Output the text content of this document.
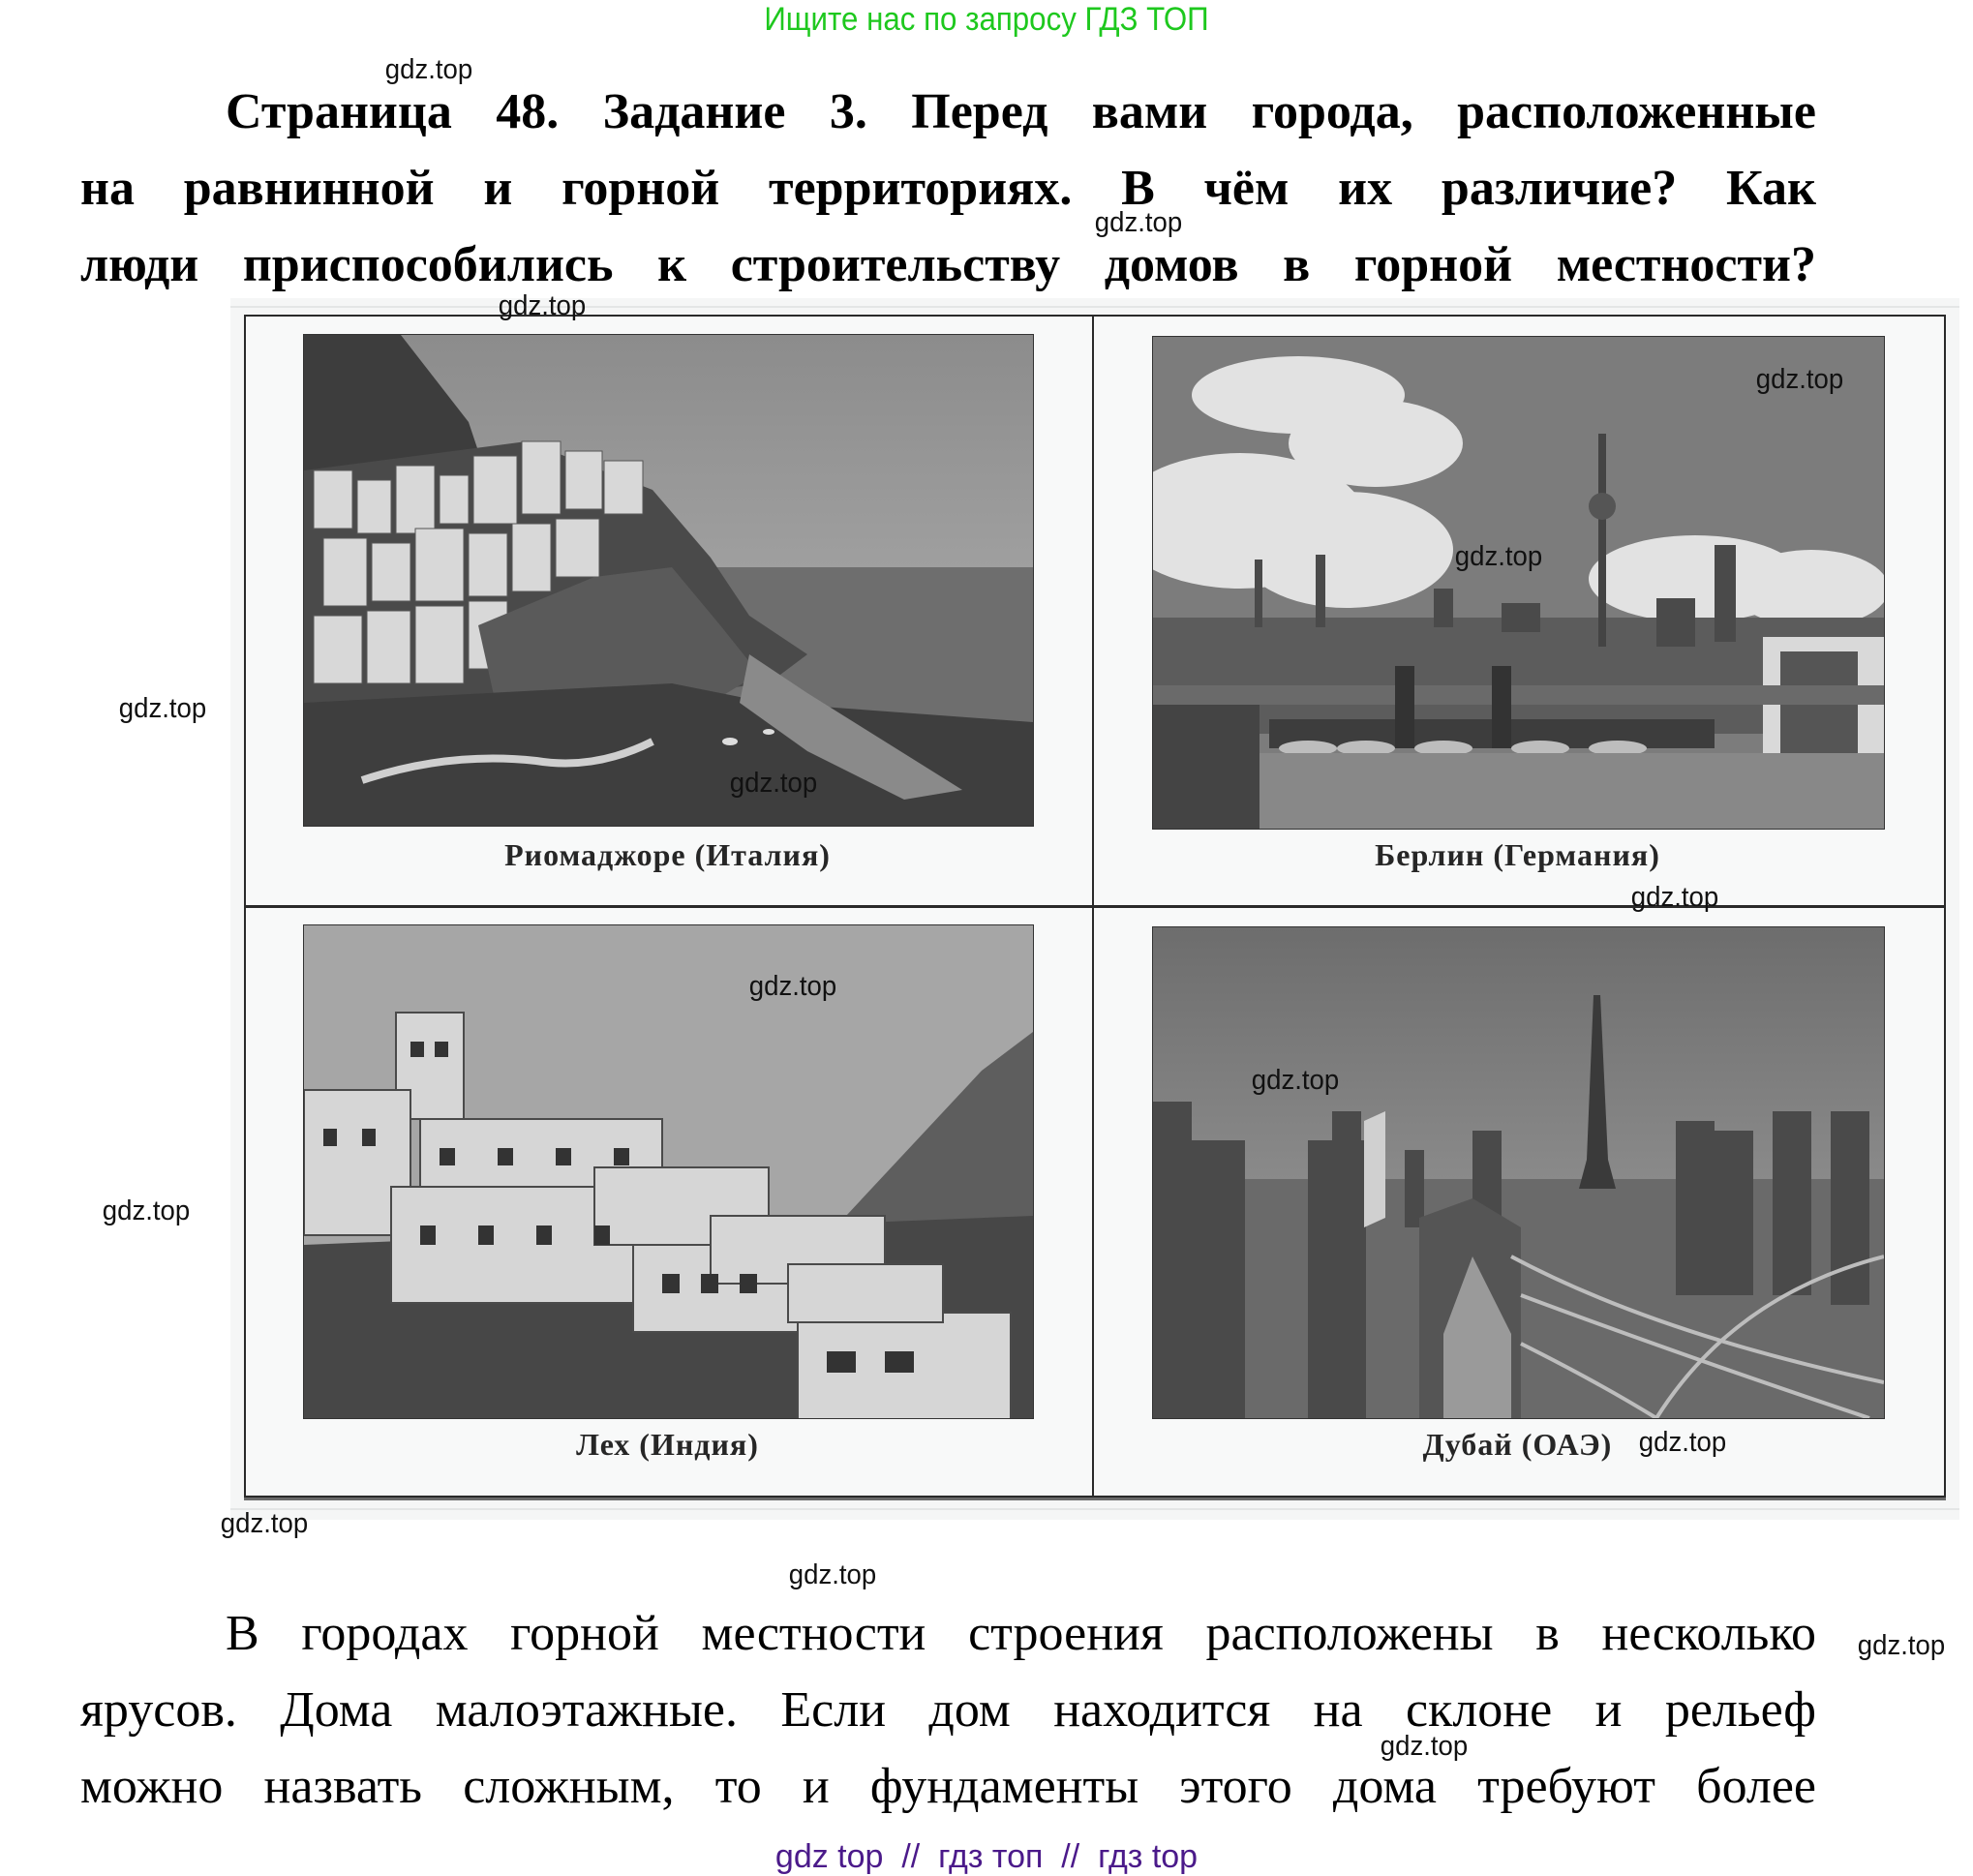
Ищите нас по запросу ГДЗ ТОП
Страница 48. Задание 3. Перед вами города, расположенные
на равнинной и горной территориях. В чём их различие? Как
люди приспособились к строительству домов в горной местности?
Риомаджоре (Италия)	Берлин (Германия)
Лех (Индия)	Дубай (ОАЭ)
В городах горной местности строения расположены в несколько
ярусов. Дома малоэтажные. Если дом находится на склоне и рельеф
можно назвать сложным, то и фундаменты этого дома требуют более
gdz.top
gdz.top
gdz.top
gdz.top
gdz.top
gdz.top
gdz.top
gdz.top
gdz.top
gdz.top
gdz.top
gdz.top
gdz.top
gdz.top
gdz.top
gdz.top
gdz top  //  гдз топ  //  гдз top
